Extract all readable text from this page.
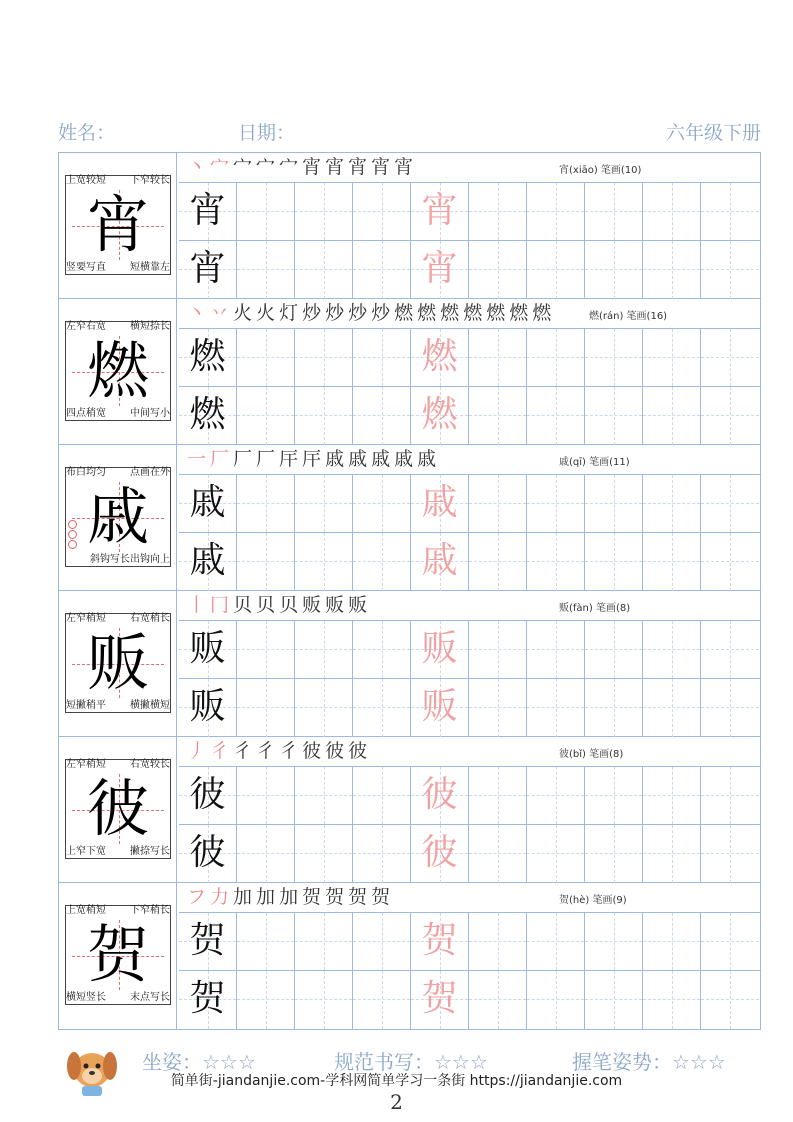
姓名：	日期：	六年级下册
上宽较短 下窄较长
竖要写直 短横靠左
宵
丶 宀 宀 宀 宀 宵 宵 宵 宵 宵	宵(xiāo) 笔画(10)
宵	宵
宵	宵
左窄右宽 横短捺长
四点稍宽 中间写小
燃
丶 丷 火 火 灯 炒 炒 炒 炒 燃 燃 燃 燃 燃 燃 燃	燃(rán) 笔画(16)
燃	燃
燃	燃
布白均匀 点画在外
斜钩写长出钩向上
戚
一 厂 厂 厂 厈 厈 戚 戚 戚 戚 戚	戚(qī) 笔画(11)
戚	戚
戚	戚
左窄稍短 右宽稍长
短撇稍平 横撇横短
贩
丨 冂 贝 贝 贝 贩 贩 贩	贩(fàn) 笔画(8)
贩	贩
贩	贩
左窄稍短 右宽较长
上窄下宽 撇捺写长
彼
丿 彳 彳 彳 彳 彼 彼 彼	彼(bǐ) 笔画(8)
彼	彼
彼	彼
上宽稍短 下窄稍长
横短竖长 末点写长
贺
フ 力 加 加 加 贺 贺 贺 贺	贺(hè) 笔画(9)
贺	贺
贺	贺
坐姿：☆☆☆	规范书写：☆☆☆	握笔姿势：☆☆☆
简单街-jiandanjie.com-学科网简单学习一条街 https://jiandanjie.com
2
